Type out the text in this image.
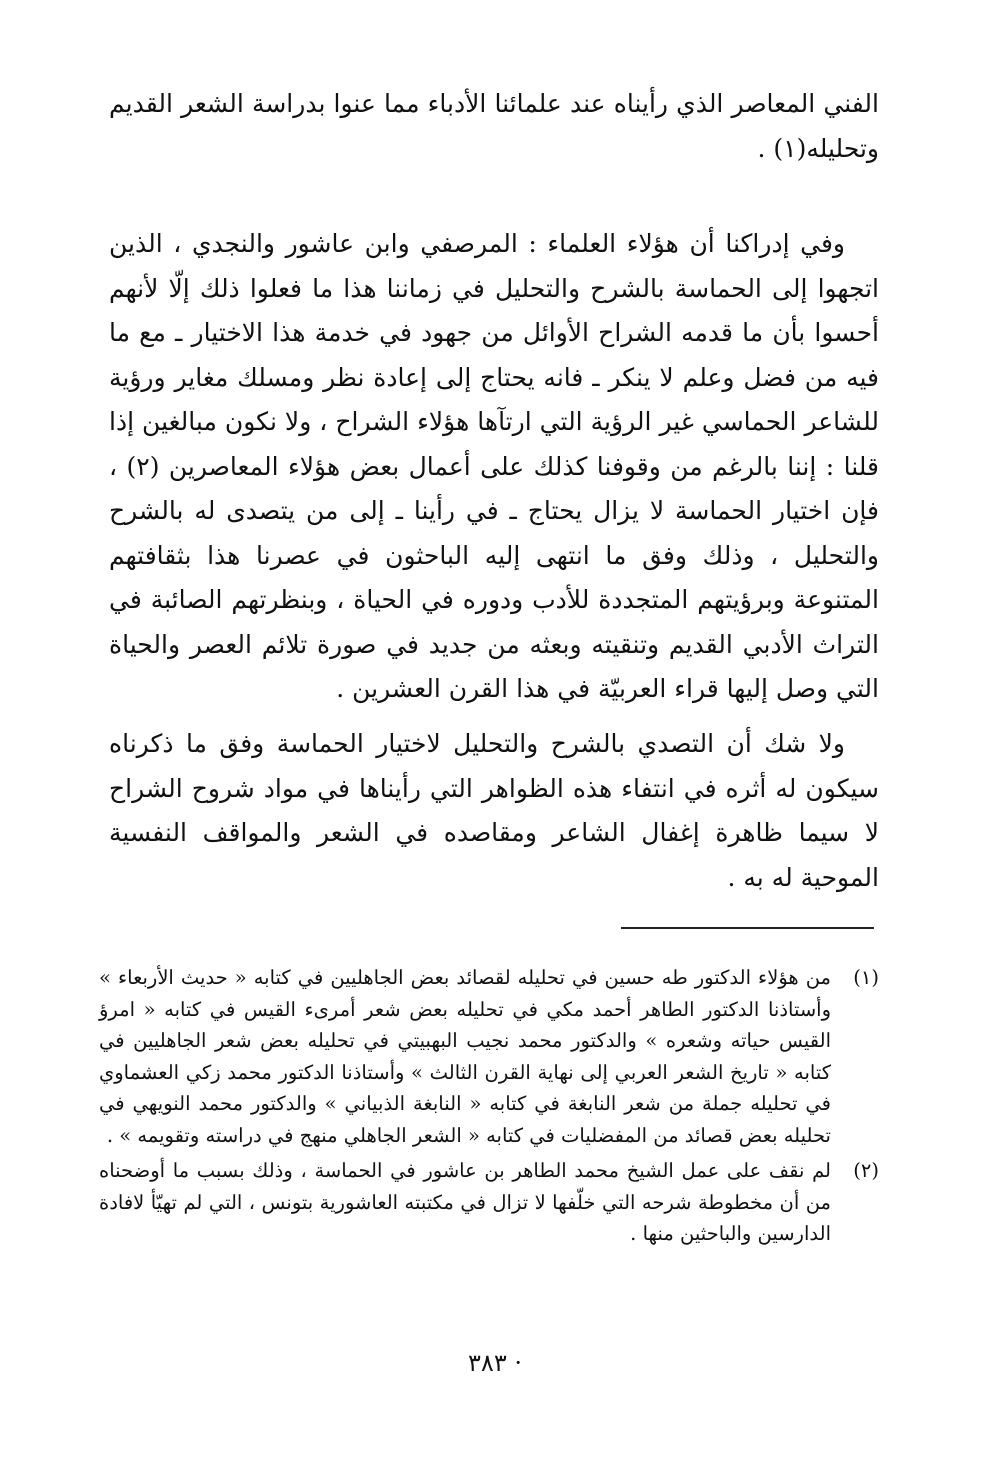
الفني المعاصر الذي رأيناه عند علمائنا الأدباء مما عنوا بدراسة الشعر القديم وتحليله(١) .

وفي إدراكنا أن هؤلاء العلماء : المرصفي وابن عاشور والنجدي ، الذين اتجهوا إلى الحماسة بالشرح والتحليل في زماننا هذا ما فعلوا ذلك إلّا لأنهم أحسوا بأن ما قدمه الشراح الأوائل من جهود في خدمة هذا الاختيار ـ مع ما فيه من فضل وعلم لا ينكر ـ فانه يحتاج إلى إعادة نظر ومسلك مغاير ورؤية للشاعر الحماسي غير الرؤية التي ارتآها هؤلاء الشراح ، ولا نكون مبالغين إذا قلنا : إننا بالرغم من وقوفنا كذلك على أعمال بعض هؤلاء المعاصرين (٢) ، فإن اختيار الحماسة لا يزال يحتاج ـ في رأينا ـ إلى من يتصدى له بالشرح والتحليل ، وذلك وفق ما انتهى إليه الباحثون في عصرنا هذا بثقافتهم المتنوعة وبرؤيتهم المتجددة للأدب ودوره في الحياة ، وبنظرتهم الصائبة في التراث الأدبي القديم وتنقيته وبعثه من جديد في صورة تلائم العصر والحياة التي وصل إليها قراء العربيّة في هذا القرن العشرين .

ولا شك أن التصدي بالشرح والتحليل لاختيار الحماسة وفق ما ذكرناه سيكون له أثره في انتفاء هذه الظواهر التي رأيناها في مواد شروح الشراح لا سيما ظاهرة إغفال الشاعر ومقاصده في الشعر والمواقف النفسية الموحية له به .

(١)
من هؤلاء الدكتور طه حسين في تحليله لقصائد بعض الجاهليين في كتابه « حديث الأربعاء » وأستاذنا الدكتور الطاهر أحمد مكي في تحليله بعض شعر أمرىء القيس في كتابه « امرؤ القيس حياته وشعره » والدكتور محمد نجيب البهبيتي في تحليله بعض شعر الجاهليين في كتابه « تاريخ الشعر العربي إلى نهاية القرن الثالث » وأستاذنا الدكتور محمد زكي العشماوي في تحليله جملة من شعر النابغة في كتابه « النابغة الذبياني » والدكتور محمد النويهي في تحليله بعض قصائد من المفضليات في كتابه « الشعر الجاهلي منهج في دراسته وتقويمه » .
(٢)
لم نقف على عمل الشيخ محمد الطاهر بن عاشور في الحماسة ، وذلك بسبب ما أوضحناه من أن مخطوطة شرحه التي خلّفها لا تزال في مكتبته العاشورية بتونس ، التي لم تهيّأ لافادة الدارسين والباحثين منها .
· ٣٨٣
